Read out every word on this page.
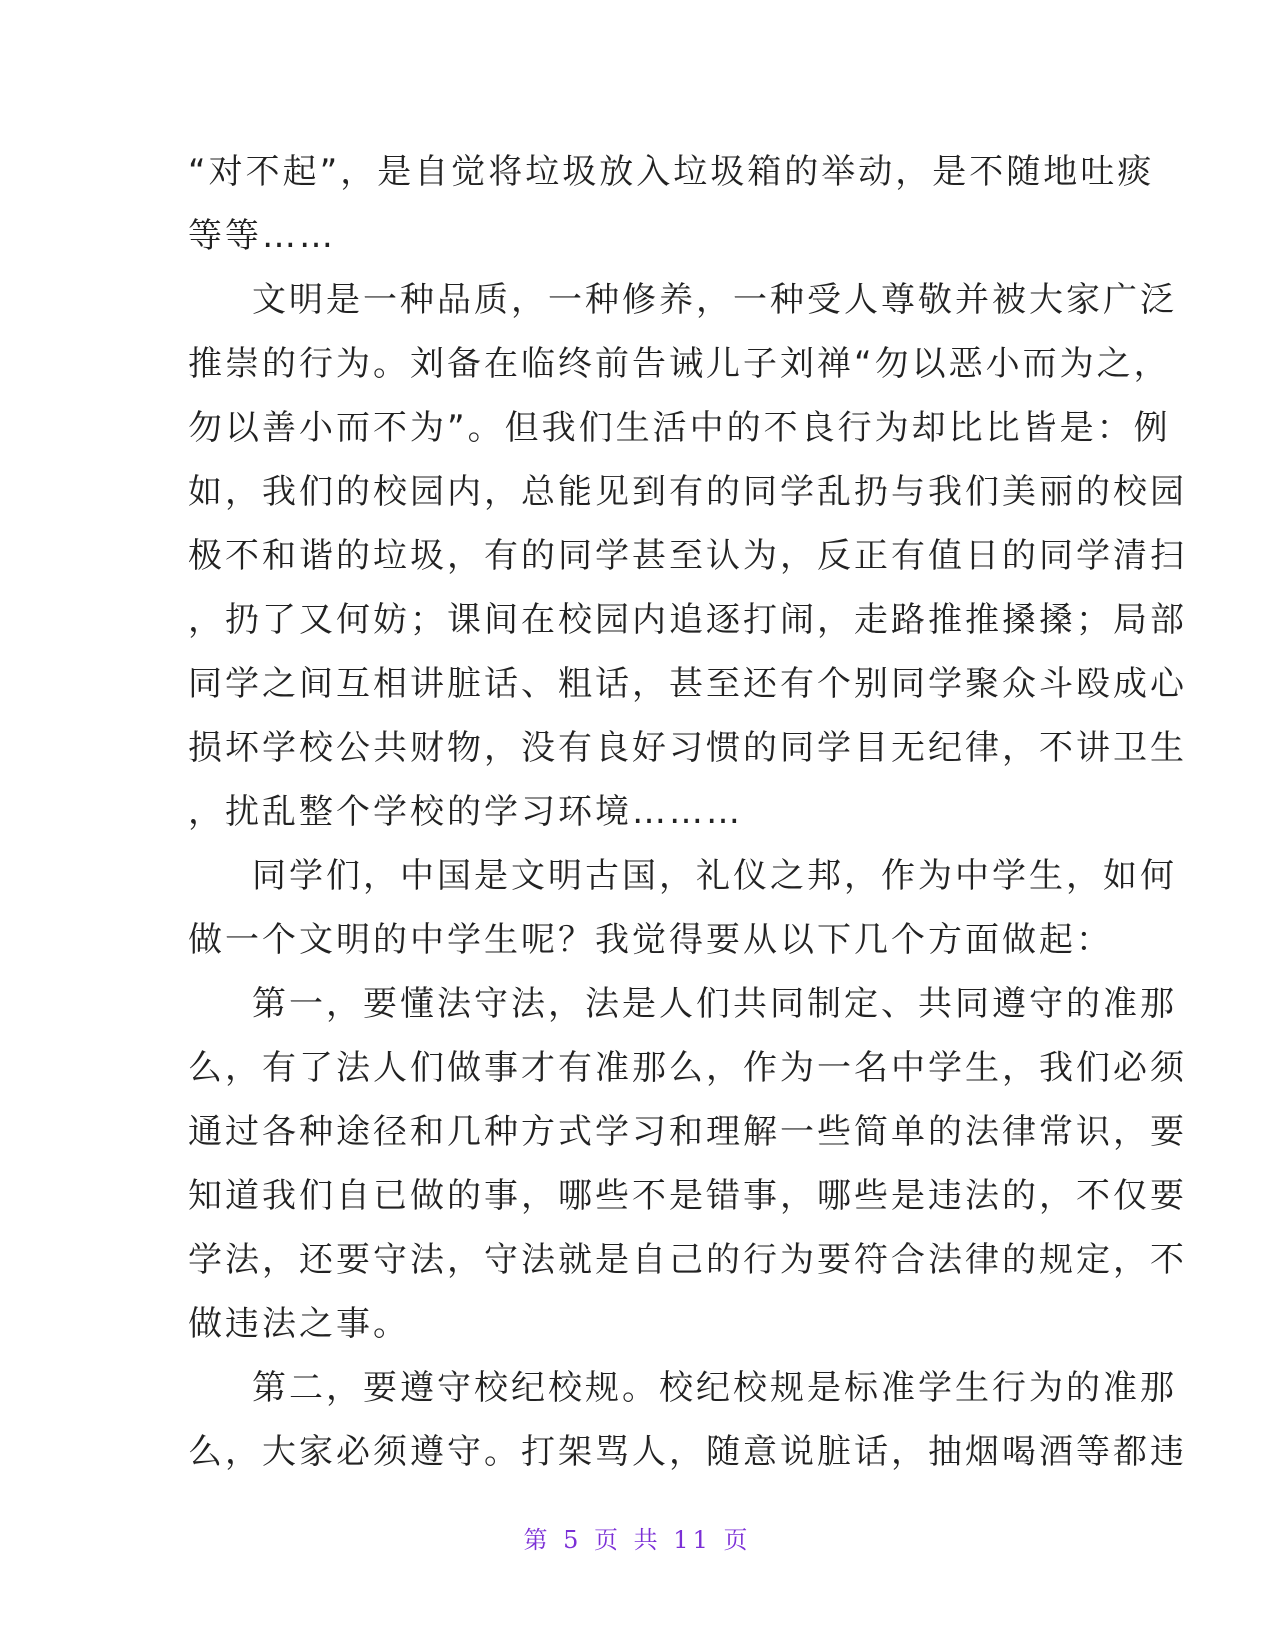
“对不起”，是自觉将垃圾放入垃圾箱的举动，是不随地吐痰
等等……
文明是一种品质，一种修养，一种受人尊敬并被大家广泛
推崇的行为。刘备在临终前告诫儿子刘禅“勿以恶小而为之，
勿以善小而不为”。但我们生活中的不良行为却比比皆是：例
如，我们的校园内，总能见到有的同学乱扔与我们美丽的校园
极不和谐的垃圾，有的同学甚至认为，反正有值日的同学清扫
，扔了又何妨；课间在校园内追逐打闹，走路推推搡搡；局部
同学之间互相讲脏话、粗话，甚至还有个别同学聚众斗殴成心
损坏学校公共财物，没有良好习惯的同学目无纪律，不讲卫生
，扰乱整个学校的学习环境………
同学们，中国是文明古国，礼仪之邦，作为中学生，如何
做一个文明的中学生呢？我觉得要从以下几个方面做起：
第一，要懂法守法，法是人们共同制定、共同遵守的准那
么，有了法人们做事才有准那么，作为一名中学生，我们必须
通过各种途径和几种方式学习和理解一些简单的法律常识，要
知道我们自已做的事，哪些不是错事，哪些是违法的，不仅要
学法，还要守法，守法就是自己的行为要符合法律的规定，不
做违法之事。
第二，要遵守校纪校规。校纪校规是标准学生行为的准那
么，大家必须遵守。打架骂人，随意说脏话，抽烟喝酒等都违
第 5 页 共 11 页
